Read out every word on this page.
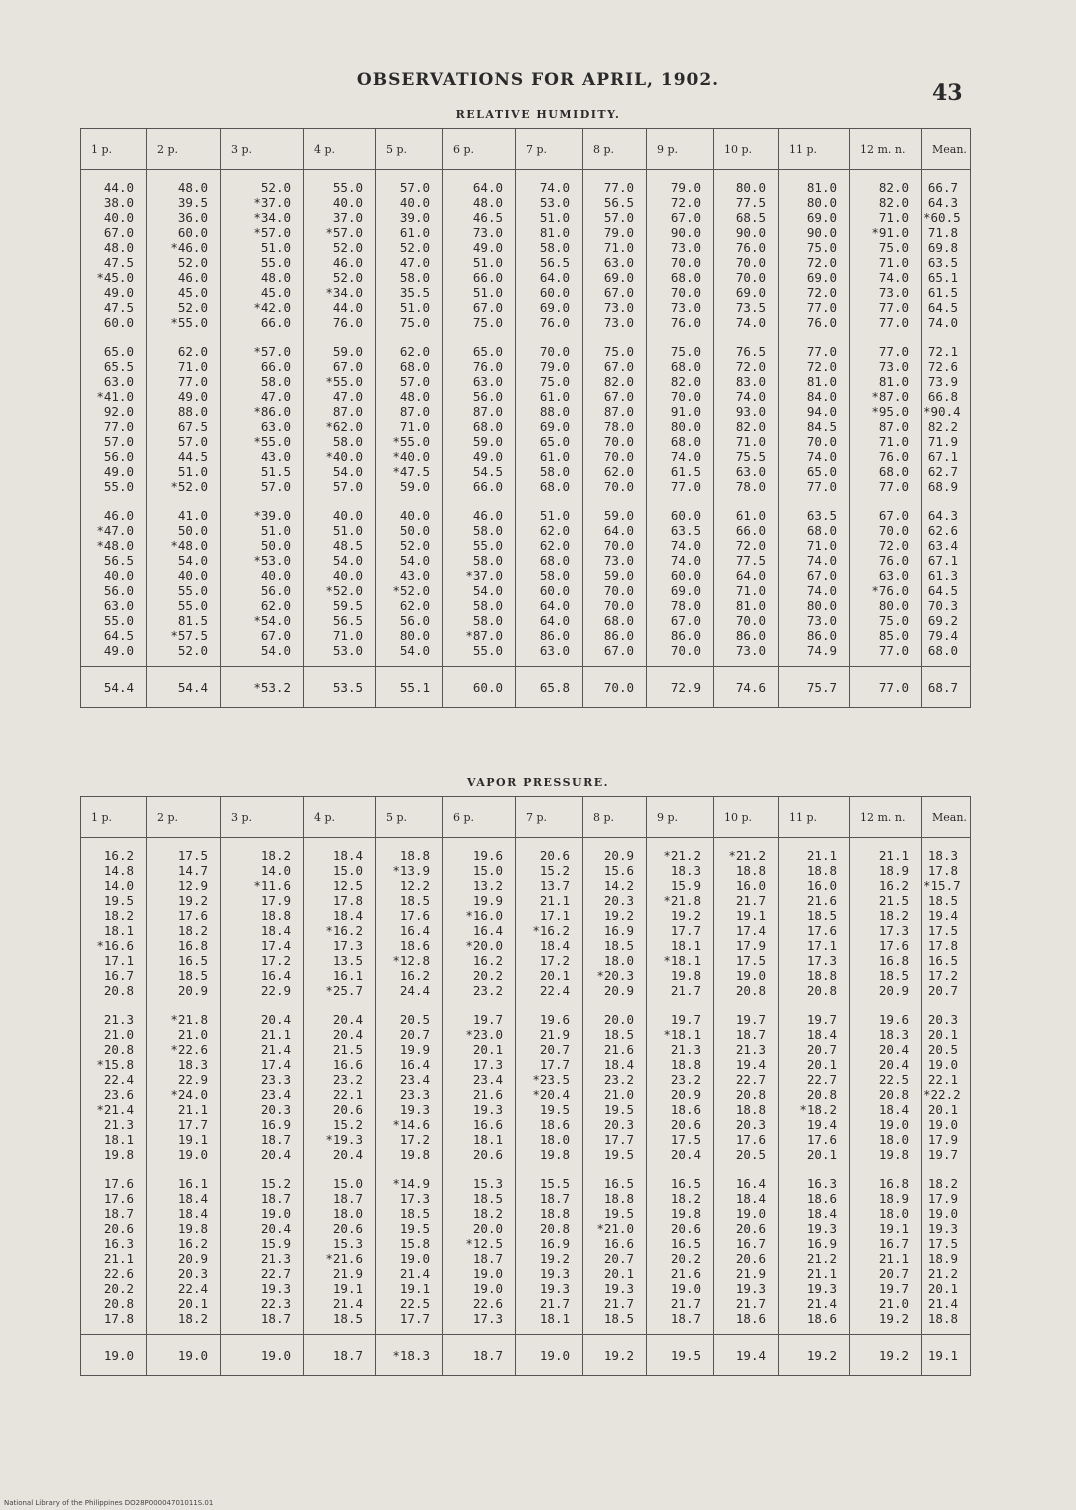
OBSERVATIONS FOR APRIL, 1902.	43
RELATIVE HUMIDITY.
1 p.	2 p.	3 p.	4 p.	5 p.	6 p.	7 p.	8 p.	9 p.	10 p.	11 p.	12 m. n.	Mean.
44.0	48.0	52.0	55.0	57.0	64.0	74.0	77.0	79.0	80.0	81.0	82.0	66.7
38.0	39.5	*37.0	40.0	40.0	48.0	53.0	56.5	72.0	77.5	80.0	82.0	64.3
40.0	36.0	*34.0	37.0	39.0	46.5	51.0	57.0	67.0	68.5	69.0	71.0	*60.5
67.0	60.0	*57.0	*57.0	61.0	73.0	81.0	79.0	90.0	90.0	90.0	*91.0	71.8
48.0	*46.0	51.0	52.0	52.0	49.0	58.0	71.0	73.0	76.0	75.0	75.0	69.8
47.5	52.0	55.0	46.0	47.0	51.0	56.5	63.0	70.0	70.0	72.0	71.0	63.5
*45.0	46.0	48.0	52.0	58.0	66.0	64.0	69.0	68.0	70.0	69.0	74.0	65.1
49.0	45.0	45.0	*34.0	35.5	51.0	60.0	67.0	70.0	69.0	72.0	73.0	61.5
47.5	52.0	*42.0	44.0	51.0	67.0	69.0	73.0	73.0	73.5	77.0	77.0	64.5
60.0	*55.0	66.0	76.0	75.0	75.0	76.0	73.0	76.0	74.0	76.0	77.0	74.0
65.0	62.0	*57.0	59.0	62.0	65.0	70.0	75.0	75.0	76.5	77.0	77.0	72.1
65.5	71.0	66.0	67.0	68.0	76.0	79.0	67.0	68.0	72.0	72.0	73.0	72.6
63.0	77.0	58.0	*55.0	57.0	63.0	75.0	82.0	82.0	83.0	81.0	81.0	73.9
*41.0	49.0	47.0	47.0	48.0	56.0	61.0	67.0	70.0	74.0	84.0	*87.0	66.8
92.0	88.0	*86.0	87.0	87.0	87.0	88.0	87.0	91.0	93.0	94.0	*95.0	*90.4
77.0	67.5	63.0	*62.0	71.0	68.0	69.0	78.0	80.0	82.0	84.5	87.0	82.2
57.0	57.0	*55.0	58.0	*55.0	59.0	65.0	70.0	68.0	71.0	70.0	71.0	71.9
56.0	44.5	43.0	*40.0	*40.0	49.0	61.0	70.0	74.0	75.5	74.0	76.0	67.1
49.0	51.0	51.5	54.0	*47.5	54.5	58.0	62.0	61.5	63.0	65.0	68.0	62.7
55.0	*52.0	57.0	57.0	59.0	66.0	68.0	70.0	77.0	78.0	77.0	77.0	68.9
46.0	41.0	*39.0	40.0	40.0	46.0	51.0	59.0	60.0	61.0	63.5	67.0	64.3
*47.0	50.0	51.0	51.0	50.0	58.0	62.0	64.0	63.5	66.0	68.0	70.0	62.6
*48.0	*48.0	50.0	48.5	52.0	55.0	62.0	70.0	74.0	72.0	71.0	72.0	63.4
56.5	54.0	*53.0	54.0	54.0	58.0	68.0	73.0	74.0	77.5	74.0	76.0	67.1
40.0	40.0	40.0	40.0	43.0	*37.0	58.0	59.0	60.0	64.0	67.0	63.0	61.3
56.0	55.0	56.0	*52.0	*52.0	54.0	60.0	70.0	69.0	71.0	74.0	*76.0	64.5
63.0	55.0	62.0	59.5	62.0	58.0	64.0	70.0	78.0	81.0	80.0	80.0	70.3
55.0	81.5	*54.0	56.5	56.0	58.0	64.0	68.0	67.0	70.0	73.0	75.0	69.2
64.5	*57.5	67.0	71.0	80.0	*87.0	86.0	86.0	86.0	86.0	86.0	85.0	79.4
49.0	52.0	54.0	53.0	54.0	55.0	63.0	67.0	70.0	73.0	74.9	77.0	68.0
54.4	54.4	*53.2	53.5	55.1	60.0	65.8	70.0	72.9	74.6	75.7	77.0	68.7
VAPOR PRESSURE.
1 p.	2 p.	3 p.	4 p.	5 p.	6 p.	7 p.	8 p.	9 p.	10 p.	11 p.	12 m. n.	Mean.
16.2	17.5	18.2	18.4	18.8	19.6	20.6	20.9	*21.2	*21.2	21.1	21.1	18.3
14.8	14.7	14.0	15.0	*13.9	15.0	15.2	15.6	18.3	18.8	18.8	18.9	17.8
14.0	12.9	*11.6	12.5	12.2	13.2	13.7	14.2	15.9	16.0	16.0	16.2	*15.7
19.5	19.2	17.9	17.8	18.5	19.9	21.1	20.3	*21.8	21.7	21.6	21.5	18.5
18.2	17.6	18.8	18.4	17.6	*16.0	17.1	19.2	19.2	19.1	18.5	18.2	19.4
18.1	18.2	18.4	*16.2	16.4	16.4	*16.2	16.9	17.7	17.4	17.6	17.3	17.5
*16.6	16.8	17.4	17.3	18.6	*20.0	18.4	18.5	18.1	17.9	17.1	17.6	17.8
17.1	16.5	17.2	13.5	*12.8	16.2	17.2	18.0	*18.1	17.5	17.3	16.8	16.5
16.7	18.5	16.4	16.1	16.2	20.2	20.1	*20.3	19.8	19.0	18.8	18.5	17.2
20.8	20.9	22.9	*25.7	24.4	23.2	22.4	20.9	21.7	20.8	20.8	20.9	20.7
21.3	*21.8	20.4	20.4	20.5	19.7	19.6	20.0	19.7	19.7	19.7	19.6	20.3
21.0	21.0	21.1	20.4	20.7	*23.0	21.9	18.5	*18.1	18.7	18.4	18.3	20.1
20.8	*22.6	21.4	21.5	19.9	20.1	20.7	21.6	21.3	21.3	20.7	20.4	20.5
*15.8	18.3	17.4	16.6	16.4	17.3	17.7	18.4	18.8	19.4	20.1	20.4	19.0
22.4	22.9	23.3	23.2	23.4	23.4	*23.5	23.2	23.2	22.7	22.7	22.5	22.1
23.6	*24.0	23.4	22.1	23.3	21.6	*20.4	21.0	20.9	20.8	20.8	20.8	*22.2
*21.4	21.1	20.3	20.6	19.3	19.3	19.5	19.5	18.6	18.8	*18.2	18.4	20.1
21.3	17.7	16.9	15.2	*14.6	16.6	18.6	20.3	20.6	20.3	19.4	19.0	19.0
18.1	19.1	18.7	*19.3	17.2	18.1	18.0	17.7	17.5	17.6	17.6	18.0	17.9
19.8	19.0	20.4	20.4	19.8	20.6	19.8	19.5	20.4	20.5	20.1	19.8	19.7
17.6	16.1	15.2	15.0	*14.9	15.3	15.5	16.5	16.5	16.4	16.3	16.8	18.2
17.6	18.4	18.7	18.7	17.3	18.5	18.7	18.8	18.2	18.4	18.6	18.9	17.9
18.7	18.4	19.0	18.0	18.5	18.2	18.8	19.5	19.8	19.0	18.4	18.0	19.0
20.6	19.8	20.4	20.6	19.5	20.0	20.8	*21.0	20.6	20.6	19.3	19.1	19.3
16.3	16.2	15.9	15.3	15.8	*12.5	16.9	16.6	16.5	16.7	16.9	16.7	17.5
21.1	20.9	21.3	*21.6	19.0	18.7	19.2	20.7	20.2	20.6	21.2	21.1	18.9
22.6	20.3	22.7	21.9	21.4	19.0	19.3	20.1	21.6	21.9	21.1	20.7	21.2
20.2	22.4	19.3	19.1	19.1	19.0	19.3	19.3	19.0	19.3	19.3	19.7	20.1
20.8	20.1	22.3	21.4	22.5	22.6	21.7	21.7	21.7	21.7	21.4	21.0	21.4
17.8	18.2	18.7	18.5	17.7	17.3	18.1	18.5	18.7	18.6	18.6	19.2	18.8
19.0	19.0	19.0	18.7	*18.3	18.7	19.0	19.2	19.5	19.4	19.2	19.2	19.1
National Library of the Philippines DO28P00004701011S.01
